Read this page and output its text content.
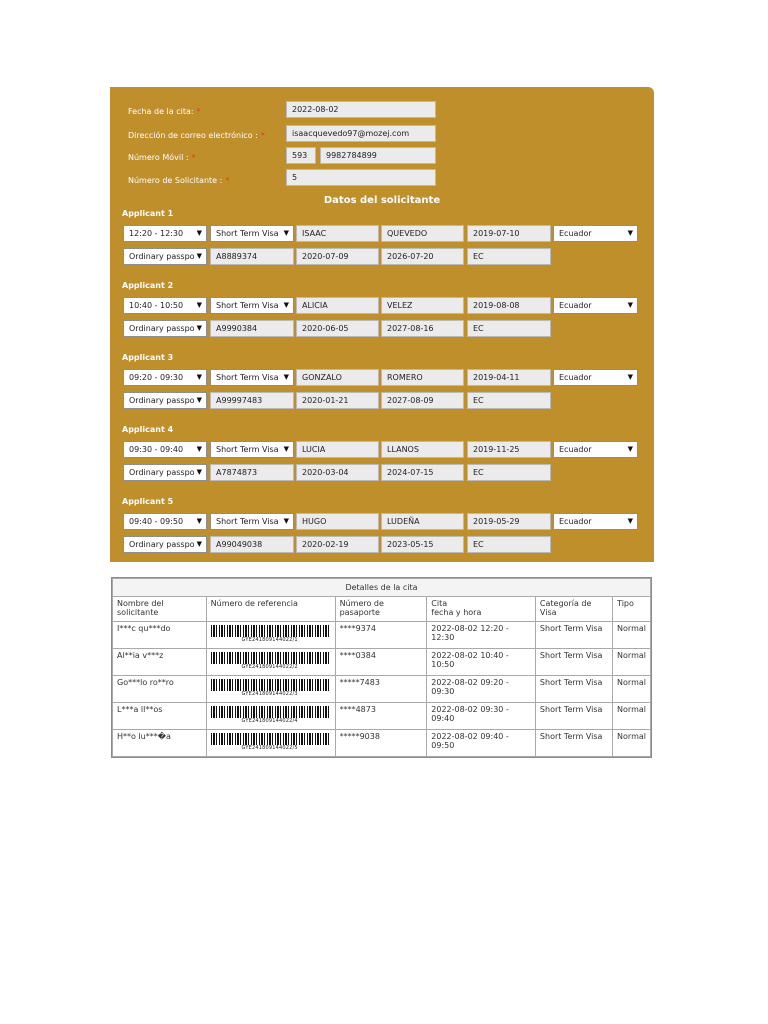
Fecha de la cita: *	2022-08-02
Dirección de correo electrónico : *	isaacquevedo97@mozej.com
Número Móvil : *	593	9982784899
Número de Solicitante : *	5
Datos del solicitante
Applicant 1
12:20 - 12:30 ▼	Short Term Visa ▼	ISAAC	QUEVEDO	2019-07-10	Ecuador	▼
Ordinary passpo ▼	A8889374	2020-07-09	2026-07-20	EC
Applicant 2
10:40 - 10:50 ▼	Short Term Visa ▼	ALICIA	VELEZ	2019-08-08	Ecuador	▼
Ordinary passpo ▼	A9990384	2020-06-05	2027-08-16	EC
Applicant 3
09:20 - 09:30 ▼	Short Term Visa ▼	GONZALO	ROMERO	2019-04-11	Ecuador	▼
Ordinary passpo ▼	A99997483	2020-01-21	2027-08-09	EC
Applicant 4
09:30 - 09:40 ▼	Short Term Visa ▼	LUCIA	LLANOS	2019-11-25	Ecuador	▼
Ordinary passpo ▼	A7874873	2020-03-04	2024-07-15	EC
Applicant 5
09:40 - 09:50 ▼	Short Term Visa ▼	HUGO	LUDEÑA	2019-05-29	Ecuador	▼
Ordinary passpo ▼	A99049038	2020-02-19	2023-05-15	EC
Detalles de la cita					
Nombre del solicitante	Número de referencia	Número de pasaporte	Cita
fecha y hora	Categoría de Visa	Tipo
I***c qu***do	GYE241809144022/1	****9374	2022-08-02 12:20 - 12:30	Short Term Visa	Normal
Al**ia v***z	GYE241809144022/2	****0384	2022-08-02 10:40 - 10:50	Short Term Visa	Normal
Go***lo ro**ro	GYE241809144022/3	*****7483	2022-08-02 09:20 - 09:30	Short Term Visa	Normal
L***a ll**os	GYE241809144022/4	****4873	2022-08-02 09:30 - 09:40	Short Term Visa	Normal
H**o lu***�a	GYE241809144022/5	*****9038	2022-08-02 09:40 - 09:50	Short Term Visa	Normal
